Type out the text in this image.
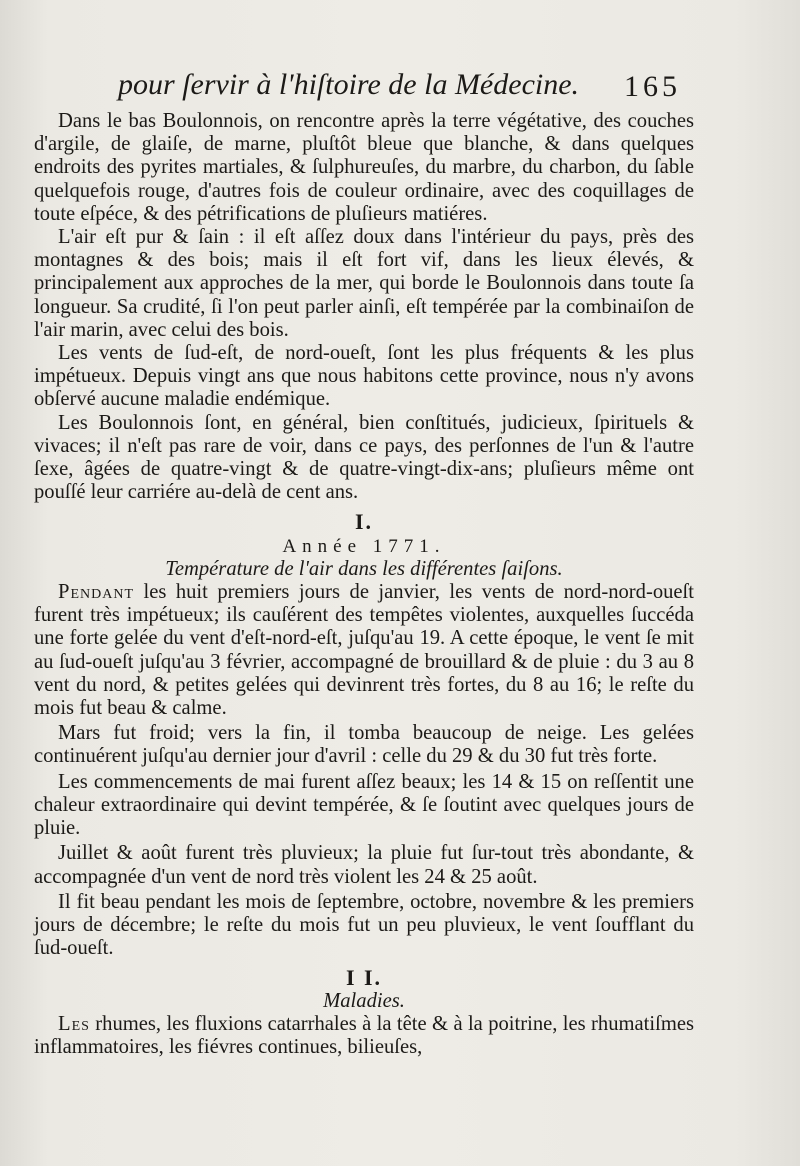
pour ſervir à l'hiſtoire de la Médecine.	165

Dans le bas Boulonnois, on rencontre après la terre végétative, des couches d'argile, de glaiſe, de marne, pluſtôt bleue que blanche, & dans quelques endroits des pyrites martiales, & ſulphureuſes, du marbre, du charbon, du ſable quelquefois rouge, d'autres fois de couleur ordinaire, avec des coquillages de toute eſpéce, & des pétrifications de pluſieurs matiéres.

L'air eſt pur & ſain : il eſt aſſez doux dans l'intérieur du pays, près des montagnes & des bois; mais il eſt fort vif, dans les lieux élevés, & principalement aux approches de la mer, qui borde le Boulonnois dans toute ſa longueur. Sa crudité, ſi l'on peut parler ainſi, eſt tempérée par la combinaiſon de l'air marin, avec celui des bois.

Les vents de ſud-eſt, de nord-oueſt, ſont les plus fréquents & les plus impétueux. Depuis vingt ans que nous habitons cette province, nous n'y avons obſervé aucune maladie endémique.

Les Boulonnois ſont, en général, bien conſtitués, judicieux, ſpirituels & vivaces; il n'eſt pas rare de voir, dans ce pays, des perſonnes de l'un & l'autre ſexe, âgées de quatre-vingt & de quatre-vingt-dix-ans; pluſieurs même ont pouſſé leur carriére au-delà de cent ans.

I.
Année 1771.
Température de l'air dans les différentes ſaiſons.

Pendant les huit premiers jours de janvier, les vents de nord-nord-oueſt furent très impétueux; ils cauſérent des tempêtes violentes, auxquelles ſuccéda une forte gelée du vent d'eſt-nord-eſt, juſqu'au 19. A cette époque, le vent ſe mit au ſud-oueſt juſqu'au 3 février, accompagné de brouillard & de pluie : du 3 au 8 vent du nord, & petites gelées qui devinrent très fortes, du 8 au 16; le reſte du mois fut beau & calme.

Mars fut froid; vers la fin, il tomba beaucoup de neige. Les gelées continuérent juſqu'au dernier jour d'avril : celle du 29 & du 30 fut très forte.

Les commencements de mai furent aſſez beaux; les 14 & 15 on reſſentit une chaleur extraordinaire qui devint tempérée, & ſe ſoutint avec quelques jours de pluie.

Juillet & août furent très pluvieux; la pluie fut ſur-tout très abondante, & accompagnée d'un vent de nord très violent les 24 & 25 août.

Il fit beau pendant les mois de ſeptembre, octobre, novembre & les premiers jours de décembre; le reſte du mois fut un peu pluvieux, le vent ſoufflant du ſud-oueſt.

I I.
Maladies.

Les rhumes, les fluxions catarrhales à la tête & à la poitrine, les rhumatiſmes inflammatoires, les fiévres continues, bilieuſes,
